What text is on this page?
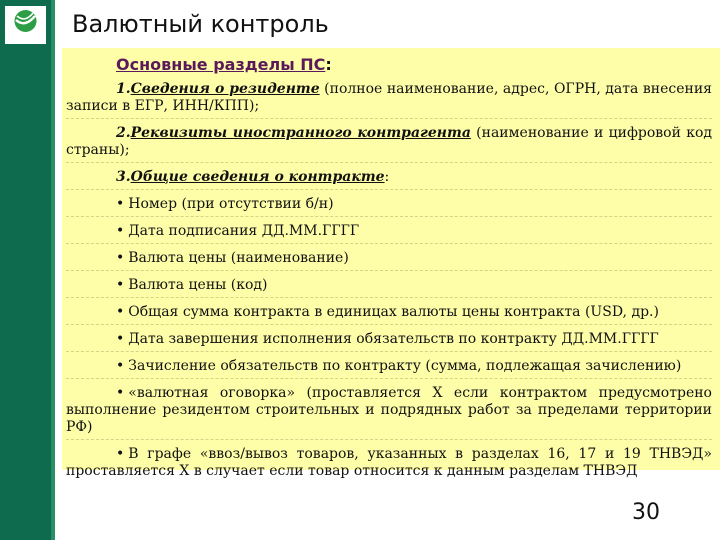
Валютный контроль
Основные разделы ПС:
1.Сведения о резиденте (полное наименование, адрес, ОГРН, дата внесения записи в ЕГР, ИНН/КПП);
2.Реквизиты иностранного контрагента (наименование и цифровой код страны);
3.Общие сведения о контракте:
• Номер (при отсутствии б/н)
• Дата подписания ДД.ММ.ГГГГ
• Валюта цены (наименование)
• Валюта цены (код)
• Общая сумма контракта в единицах валюты цены контракта (USD, др.)
• Дата завершения исполнения обязательств по контракту ДД.ММ.ГГГГ
• Зачисление обязательств по контракту (сумма, подлежащая зачислению)
• «валютная оговорка» (проставляется Х если контрактом предусмотрено выполнение резидентом строительных и подрядных работ за пределами территории РФ)
• В графе «ввоз/вывоз товаров, указанных в разделах 16, 17 и 19 ТНВЭД» проставляется Х в случает если товар относится к данным разделам ТНВЭД
30
